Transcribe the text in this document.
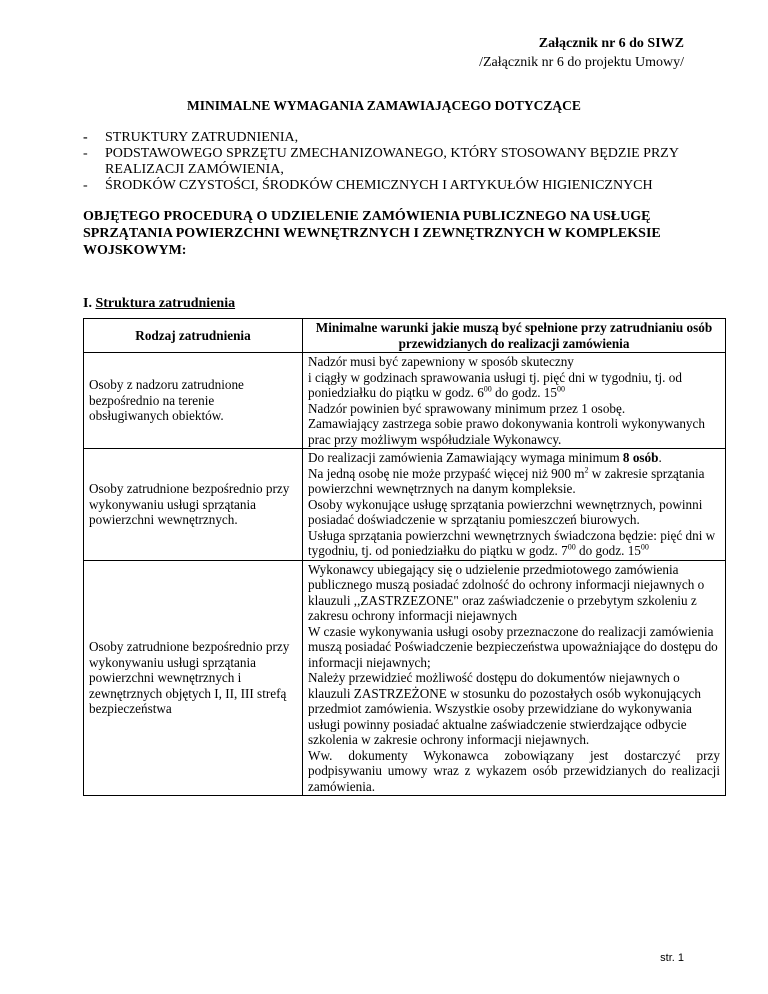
Załącznik nr 6 do SIWZ
/Załącznik nr 6 do projektu Umowy/
MINIMALNE WYMAGANIA ZAMAWIAJĄCEGO DOTYCZĄCE
- STRUKTURY ZATRUDNIENIA,
- PODSTAWOWEGO SPRZĘTU ZMECHANIZOWANEGO, KTÓRY STOSOWANY BĘDZIE PRZY REALIZACJI ZAMÓWIENIA,
- ŚRODKÓW CZYSTOŚCI, ŚRODKÓW CHEMICZNYCH I ARTYKUŁÓW HIGIENICZNYCH
OBJĘTEGO PROCEDURĄ O UDZIELENIE ZAMÓWIENIA PUBLICZNEGO NA USŁUGĘ SPRZĄTANIA POWIERZCHNI WEWNĘTRZNYCH I ZEWNĘTRZNYCH W KOMPLEKSIE WOJSKOWYM:
I. Struktura zatrudnienia
Rodzaj zatrudnienia	Minimalne warunki jakie muszą być spełnione przy zatrudnianiu osób przewidzianych do realizacji zamówienia
Osoby z nadzoru zatrudnione bezpośrednio na terenie obsługiwanych obiektów.	Nadzór musi być zapewniony w sposób skuteczny
i ciągły w godzinach sprawowania usługi tj. pięć dni w tygodniu, tj. od poniedziałku do piątku w godz. $6^{00}$ do godz. $15^{00}$
Nadzór powinien być sprawowany minimum przez 1 osobę.
Zamawiający zastrzega sobie prawo dokonywania kontroli wykonywanych prac przy możliwym współudziale Wykonawcy.

Osoby zatrudnione bezpośrednio przy wykonywaniu usługi sprzątania powierzchni wewnętrznych.	Do realizacji zamówienia Zamawiający wymaga minimum 8 osób.
Na jedną osobę nie może przypaść więcej niż 900 $m^2$ w zakresie sprzątania powierzchni wewnętrznych na danym kompleksie.
Osoby wykonujące usługę sprzątania powierzchni wewnętrznych, powinni posiadać doświadczenie w sprzątaniu pomieszczeń biurowych.
Usługa sprzątania powierzchni wewnętrznych świadczona będzie: pięć dni w tygodniu, tj. od poniedziałku do piątku w godz. $7^{00}$ do godz. $15^{00}$

Osoby zatrudnione bezpośrednio przy wykonywaniu usługi sprzątania powierzchni wewnętrznych i zewnętrznych objętych I, II, III strefą bezpieczeństwa	Wykonawcy ubiegający się o udzielenie przedmiotowego zamówienia publicznego muszą posiadać zdolność do ochrony informacji niejawnych o klauzuli ,,ZASTRZEZONE" oraz zaświadczenie o przebytym szkoleniu z zakresu ochrony informacji niejawnych
W czasie wykonywania usługi osoby przeznaczone do realizacji zamówienia muszą posiadać Poświadczenie bezpieczeństwa upoważniające do dostępu do informacji niejawnych;
Należy przewidzieć możliwość dostępu do dokumentów niejawnych o klauzuli ZASTRZEŻONE w stosunku do pozostałych osób wykonujących przedmiot zamówienia. Wszystkie osoby przewidziane do wykonywania usługi powinny posiadać aktualne zaświadczenie stwierdzające odbycie szkolenia w zakresie ochrony informacji niejawnych.
Ww. dokumenty Wykonawca zobowiązany jest dostarczyć przy podpisywaniu umowy wraz z wykazem osób przewidzianych do realizacji zamówienia.
str. 1
